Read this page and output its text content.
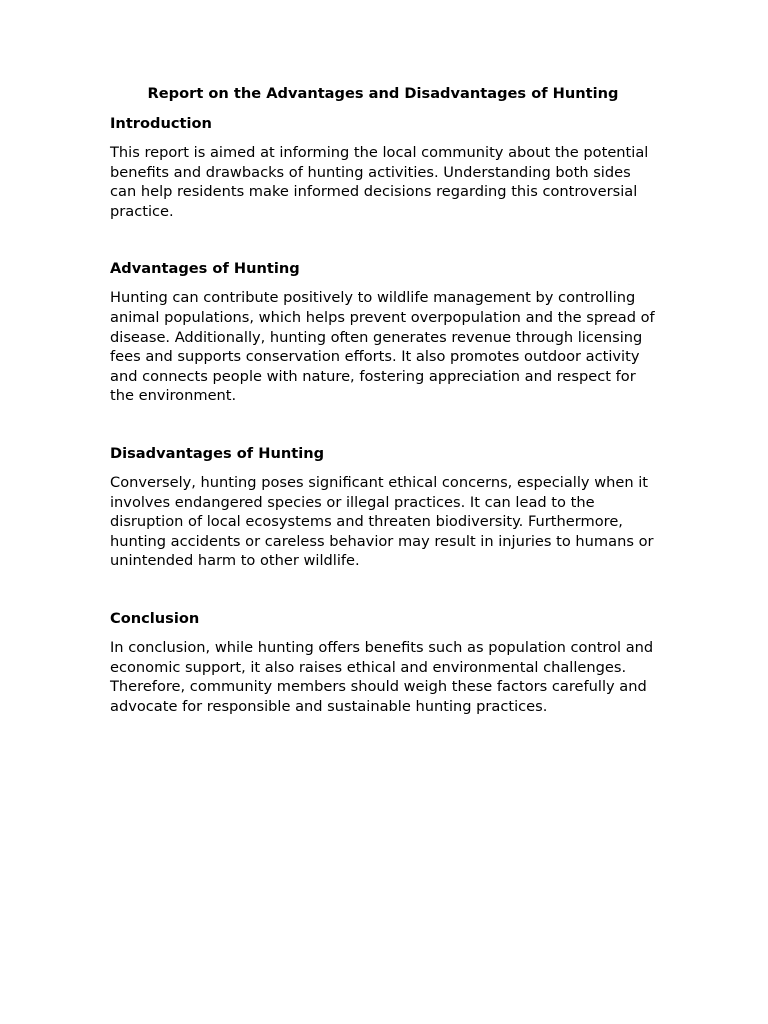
Report on the Advantages and Disadvantages of Hunting
Introduction

This report is aimed at informing the local community about the potential benefits and drawbacks of hunting activities. Understanding both sides can help residents make informed decisions regarding this controversial practice.

Advantages of Hunting

Hunting can contribute positively to wildlife management by controlling animal populations, which helps prevent overpopulation and the spread of disease. Additionally, hunting often generates revenue through licensing fees and supports conservation efforts. It also promotes outdoor activity and connects people with nature, fostering appreciation and respect for the environment.

Disadvantages of Hunting

Conversely, hunting poses significant ethical concerns, especially when it involves endangered species or illegal practices. It can lead to the disruption of local ecosystems and threaten biodiversity. Furthermore, hunting accidents or careless behavior may result in injuries to humans or unintended harm to other wildlife.

Conclusion

In conclusion, while hunting offers benefits such as population control and economic support, it also raises ethical and environmental challenges. Therefore, community members should weigh these factors carefully and advocate for responsible and sustainable hunting practices.
